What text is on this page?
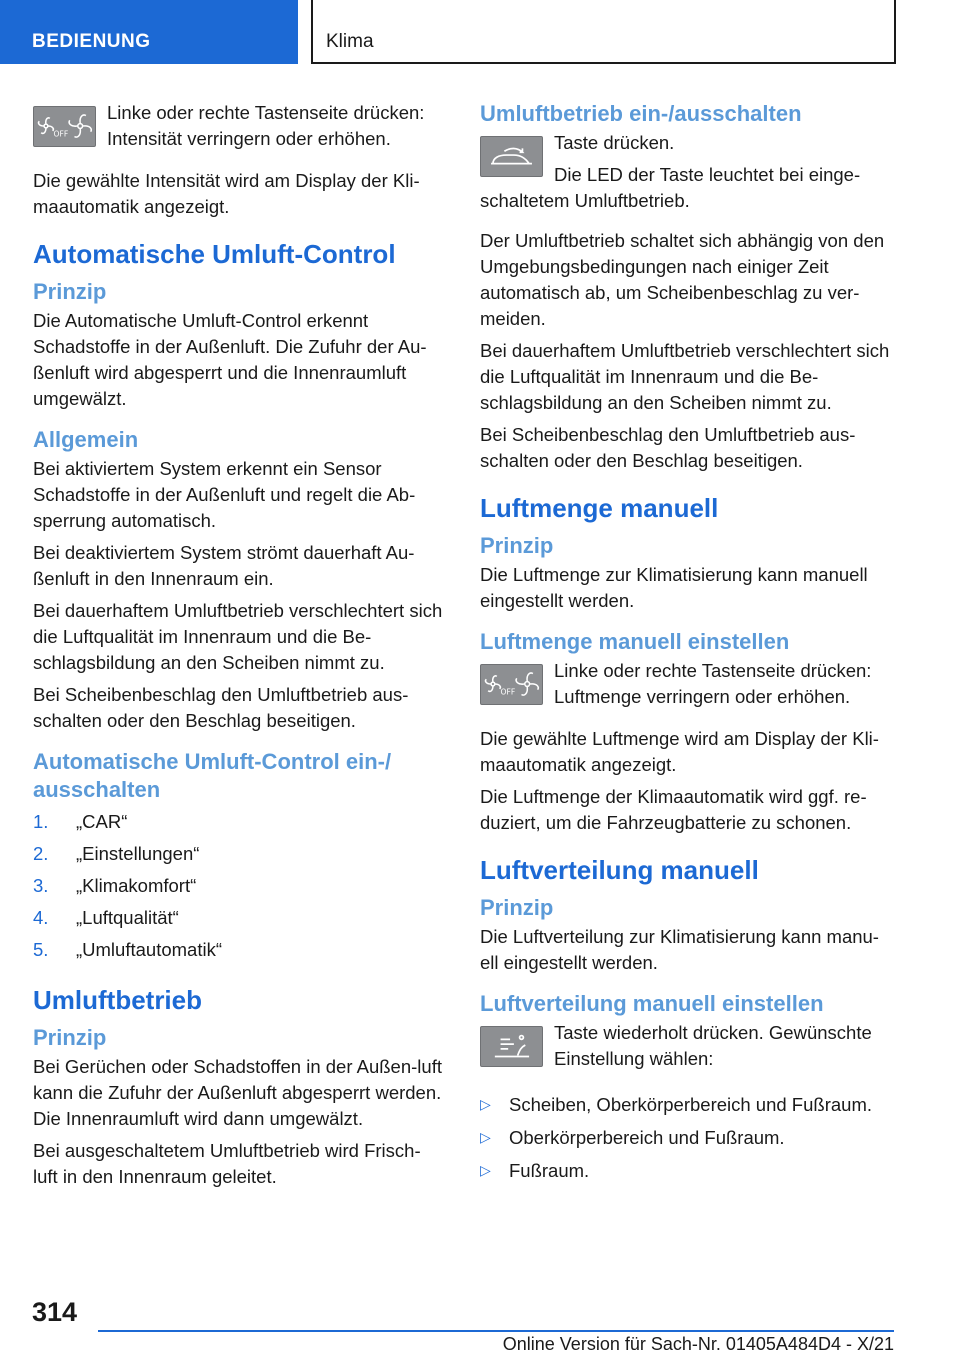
BEDIENUNG	Klima
OFF

Linke oder rechte Tastenseite drücken:

Intensität verringern oder erhöhen.

Die gewählte Intensität wird am Display der Kli-maautomatik angezeigt.

Automatische Umluft-Control
Prinzip

Die Automatische Umluft-Control erkennt Schadstoffe in der Außenluft. Die Zufuhr der Au-ßenluft wird abgesperrt und die Innenraumluft umgewälzt.

Allgemein

Bei aktiviertem System erkennt ein Sensor Schadstoffe in der Außenluft und regelt die Ab-sperrung automatisch.

Bei deaktiviertem System strömt dauerhaft Au-ßenluft in den Innenraum ein.

Bei dauerhaftem Umluftbetrieb verschlechtert sich die Luftqualität im Innenraum und die Be-schlagsbildung an den Scheiben nimmt zu.

Bei Scheibenbeschlag den Umluftbetrieb aus-schalten oder den Beschlag beseitigen.

Automatische Umluft-Control ein-/ ausschalten
1. „CAR“
2. „Einstellungen“
3. „Klimakomfort“
4. „Luftqualität“
5. „Umluftautomatik“
Umluftbetrieb
Prinzip

Bei Gerüchen oder Schadstoffen in der Außen-luft kann die Zufuhr der Außenluft abgesperrt werden. Die Innenraumluft wird dann umgewälzt.

Bei ausgeschaltetem Umluftbetrieb wird Frisch-luft in den Innenraum geleitet.

Umluftbetrieb ein-/ausschalten

Taste drücken.

Die LED der Taste leuchtet bei einge-schaltetem Umluftbetrieb.

Der Umluftbetrieb schaltet sich abhängig von den Umgebungsbedingungen nach einiger Zeit automatisch ab, um Scheibenbeschlag zu ver-meiden.

Bei dauerhaftem Umluftbetrieb verschlechtert sich die Luftqualität im Innenraum und die Be-schlagsbildung an den Scheiben nimmt zu.

Bei Scheibenbeschlag den Umluftbetrieb aus-schalten oder den Beschlag beseitigen.

Luftmenge manuell
Prinzip

Die Luftmenge zur Klimatisierung kann manuell eingestellt werden.

Luftmenge manuell einstellen
OFF

Linke oder rechte Tastenseite drücken:

Luftmenge verringern oder erhöhen.

Die gewählte Luftmenge wird am Display der Kli-maautomatik angezeigt.

Die Luftmenge der Klimaautomatik wird ggf. re-duziert, um die Fahrzeugbatterie zu schonen.

Luftverteilung manuell
Prinzip

Die Luftverteilung zur Klimatisierung kann manu-ell eingestellt werden.

Luftverteilung manuell einstellen

Taste wiederholt drücken. Gewünschte Einstellung wählen:

▷ Scheiben, Oberkörperbereich und Fußraum.
▷ Oberkörperbereich und Fußraum.
▷ Fußraum.
314
Online Version für Sach-Nr. 01405A484D4 - X/21
